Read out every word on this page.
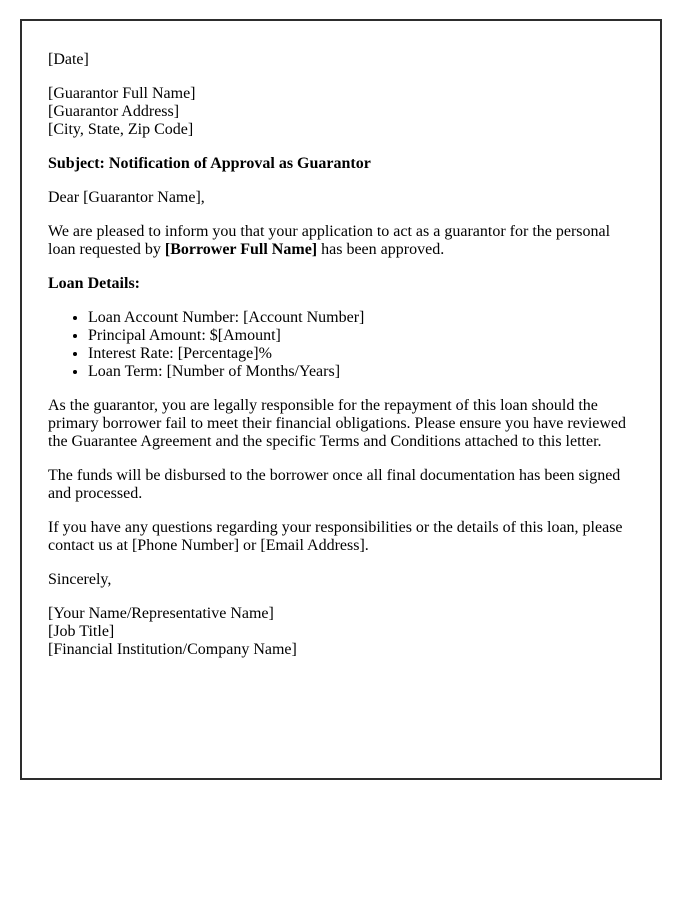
[Date]

[Guarantor Full Name]
[Guarantor Address]
[City, State, Zip Code]

Subject: Notification of Approval as Guarantor

Dear [Guarantor Name],

We are pleased to inform you that your application to act as a guarantor for the personal loan requested by [Borrower Full Name] has been approved.

Loan Details:

• Loan Account Number: [Account Number]
• Principal Amount: $[Amount]
• Interest Rate: [Percentage]%
• Loan Term: [Number of Months/Years]

As the guarantor, you are legally responsible for the repayment of this loan should the primary borrower fail to meet their financial obligations. Please ensure you have reviewed the Guarantee Agreement and the specific Terms and Conditions attached to this letter.

The funds will be disbursed to the borrower once all final documentation has been signed and processed.

If you have any questions regarding your responsibilities or the details of this loan, please contact us at [Phone Number] or [Email Address].

Sincerely,

[Your Name/Representative Name]
[Job Title]
[Financial Institution/Company Name]
